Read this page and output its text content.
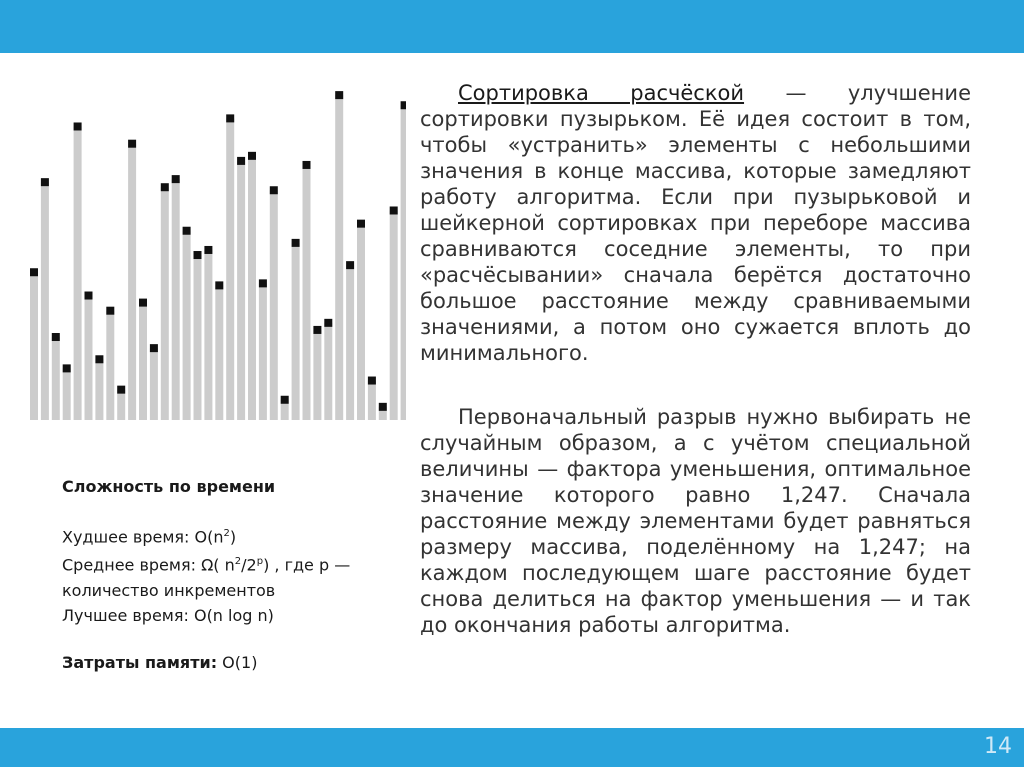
Сложность по времени
Худшее время: $O(n^2)$
Среднее время: Ω( $n^2/2^p$) , где p —
количество инкрементов
Лучшее время: O(n log n)
Затраты памяти: O(1)
Сортировка расчёской — улучшение сортировки пузырьком. Её идея состоит в том, чтобы «устранить» элементы с небольшими значения в конце массива, которые замедляют работу алгоритма. Если при пузырьковой и шейкерной сортировках при переборе массива сравниваются соседние элементы, то при «расчёсывании» сначала берётся достаточно большое расстояние между сравниваемыми значениями, а потом оно сужается вплоть до минимального.
Первоначальный разрыв нужно выбирать не случайным образом, а с учётом специальной величины — фактора уменьшения, оптимальное значение которого равно 1,247. Сначала расстояние между элементами будет равняться размеру массива, поделённому на 1,247; на каждом последующем шаге расстояние будет снова делиться на фактор уменьшения — и так до окончания работы алгоритма.
14
